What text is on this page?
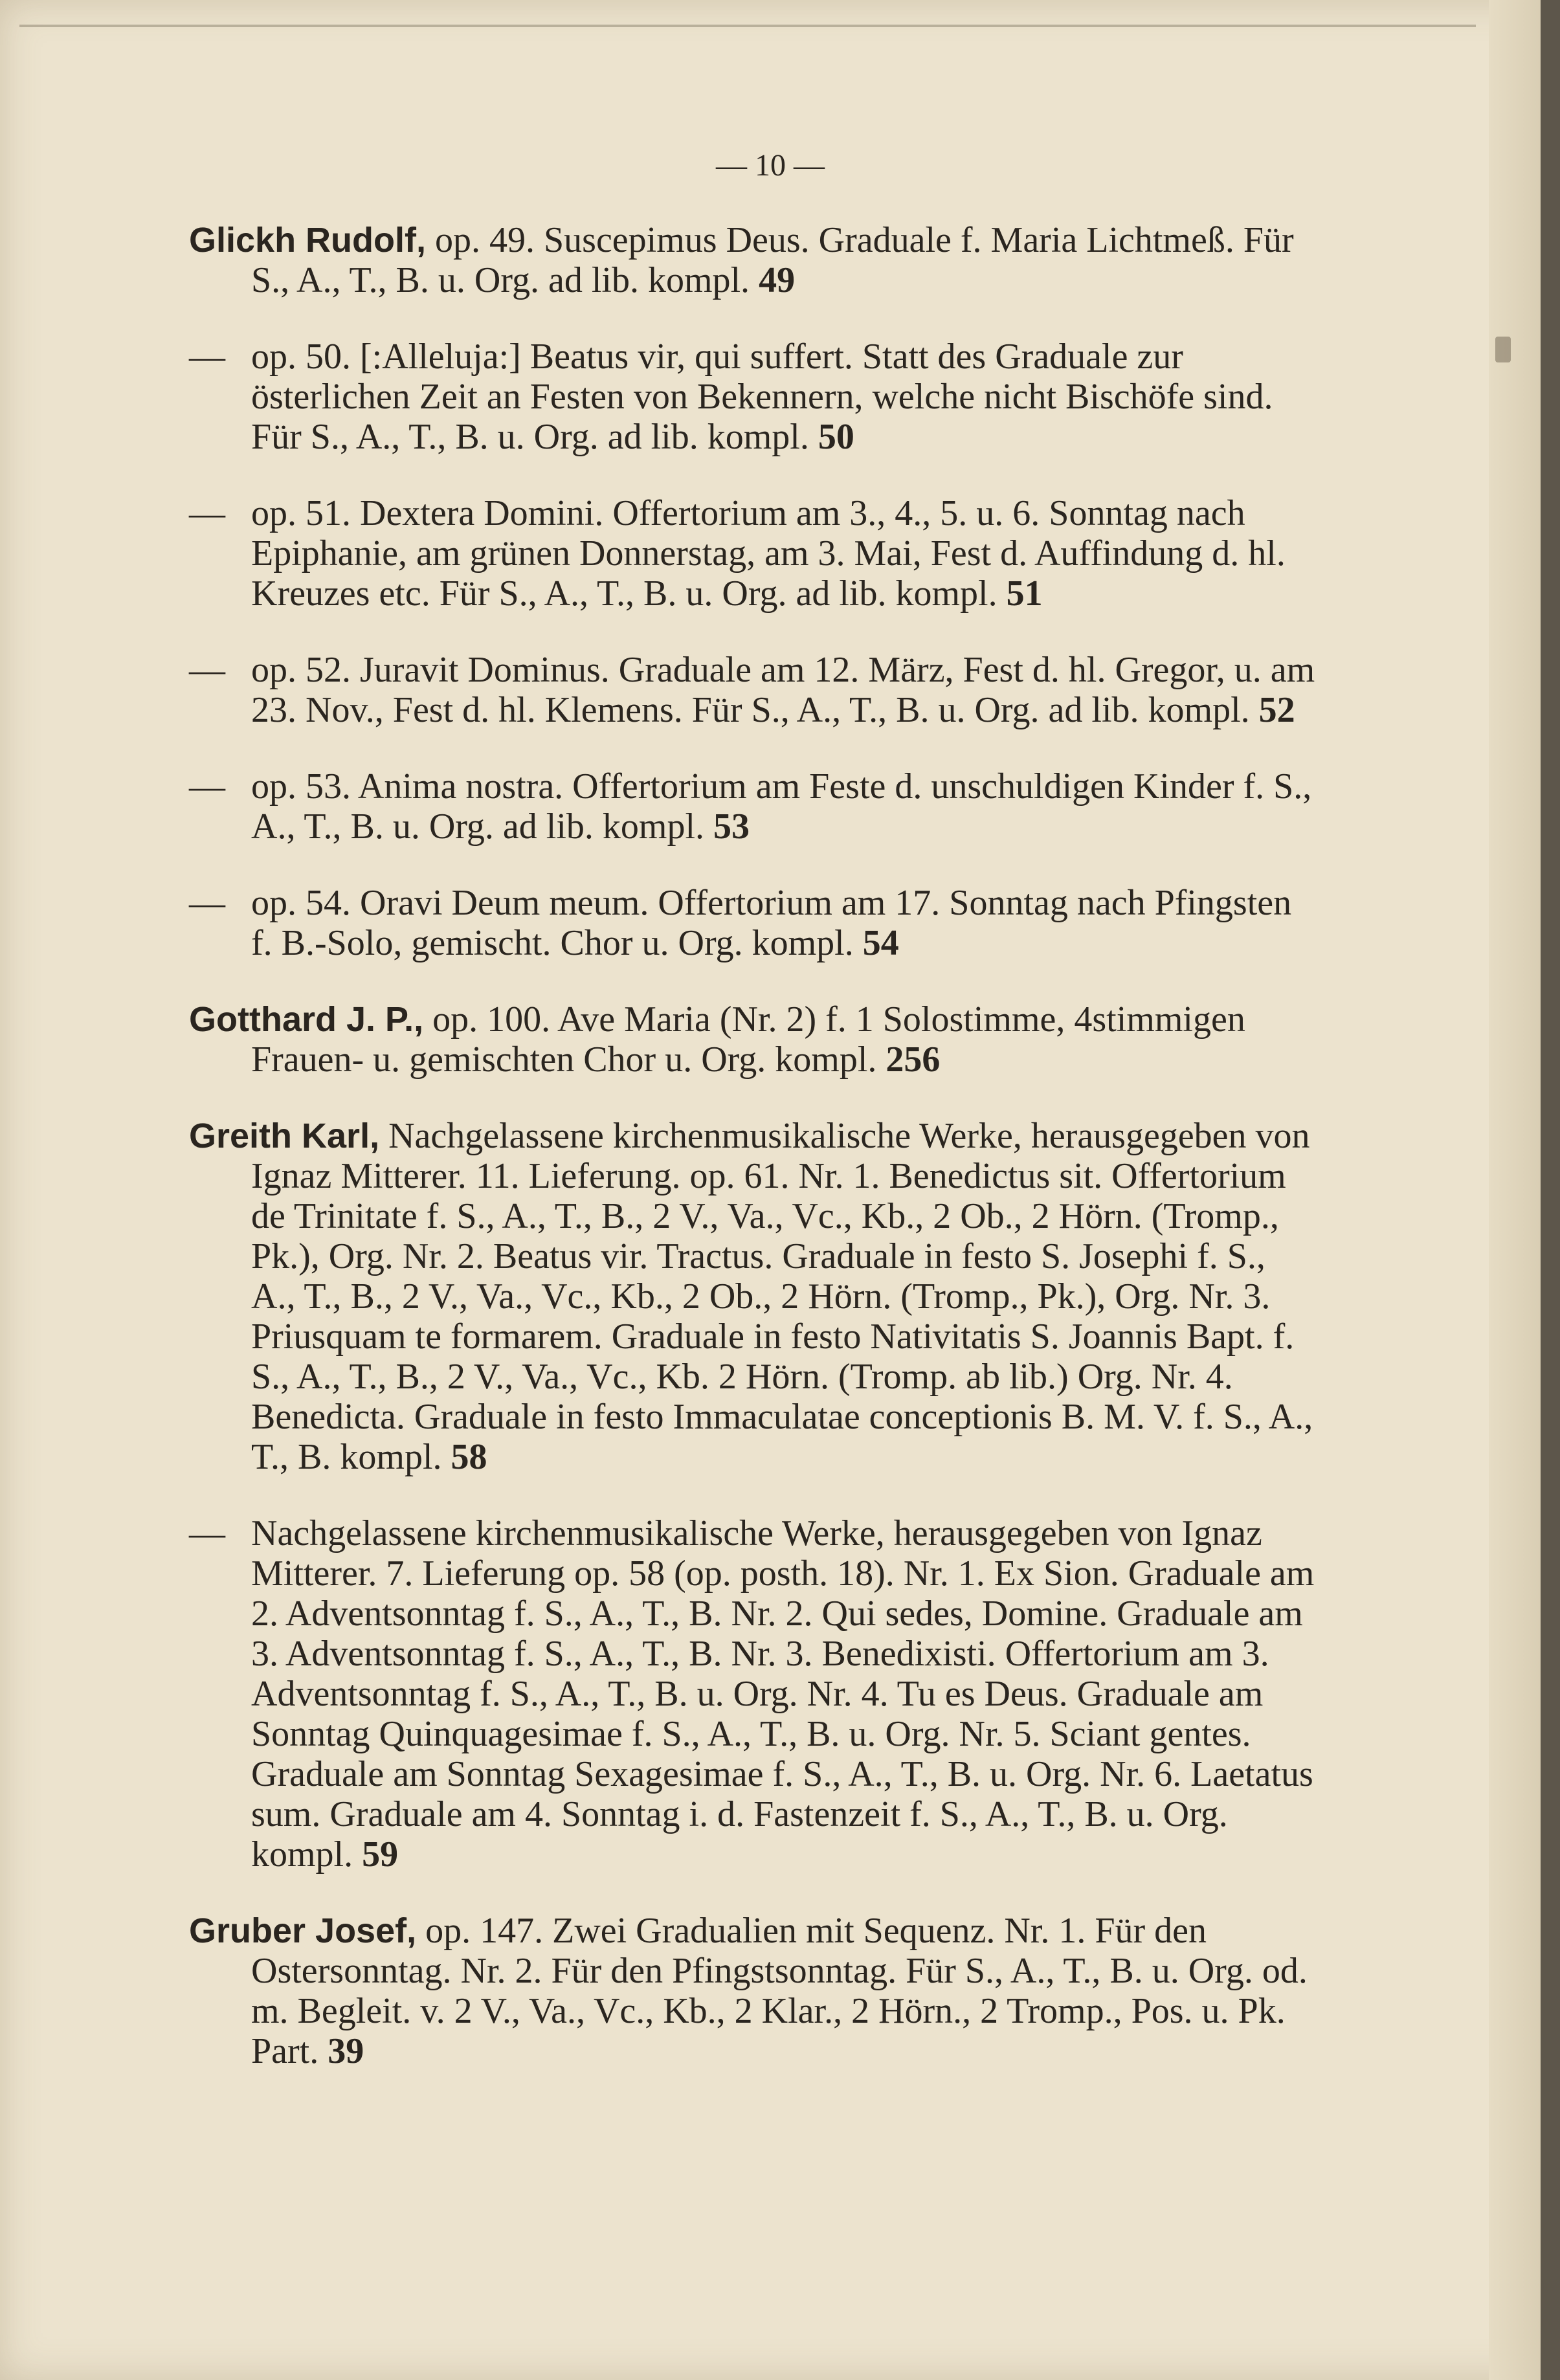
— 10 —

Glickh Rudolf, op. 49. Suscepimus Deus. Graduale f. Maria Lichtmeß. Für S., A., T., B. u. Org. ad lib. kompl. 49

— op. 50. [:Alleluja:] Beatus vir, qui suffert. Statt des Graduale zur österlichen Zeit an Festen von Bekennern, welche nicht Bischöfe sind. Für S., A., T., B. u. Org. ad lib. kompl. 50

— op. 51. Dextera Domini. Offertorium am 3., 4., 5. u. 6. Sonntag nach Epiphanie, am grünen Donnerstag, am 3. Mai, Fest d. Auffindung d. hl. Kreuzes etc. Für S., A., T., B. u. Org. ad lib. kompl. 51

— op. 52. Juravit Dominus. Graduale am 12. März, Fest d. hl. Gregor, u. am 23. Nov., Fest d. hl. Klemens. Für S., A., T., B. u. Org. ad lib. kompl. 52

— op. 53. Anima nostra. Offertorium am Feste d. unschuldigen Kinder f. S., A., T., B. u. Org. ad lib. kompl. 53

— op. 54. Oravi Deum meum. Offertorium am 17. Sonntag nach Pfingsten f. B.-Solo, gemischt. Chor u. Org. kompl. 54

Gotthard J. P., op. 100. Ave Maria (Nr. 2) f. 1 Solostimme, 4stimmigen Frauen- u. gemischten Chor u. Org. kompl. 256

Greith Karl, Nachgelassene kirchenmusikalische Werke, herausgegeben von Ignaz Mitterer. 11. Lieferung. op. 61. Nr. 1. Benedictus sit. Offertorium de Trinitate f. S., A., T., B., 2 V., Va., Vc., Kb., 2 Ob., 2 Hörn. (Tromp., Pk.), Org. Nr. 2. Beatus vir. Tractus. Graduale in festo S. Josephi f. S., A., T., B., 2 V., Va., Vc., Kb., 2 Ob., 2 Hörn. (Tromp., Pk.), Org. Nr. 3. Priusquam te formarem. Graduale in festo Nativitatis S. Joannis Bapt. f. S., A., T., B., 2 V., Va., Vc., Kb. 2 Hörn. (Tromp. ab lib.) Org. Nr. 4. Benedicta. Graduale in festo Immaculatae conceptionis B. M. V. f. S., A., T., B. kompl. 58

— Nachgelassene kirchenmusikalische Werke, herausgegeben von Ignaz Mitterer. 7. Lieferung op. 58 (op. posth. 18). Nr. 1. Ex Sion. Graduale am 2. Adventsonntag f. S., A., T., B. Nr. 2. Qui sedes, Domine. Graduale am 3. Adventsonntag f. S., A., T., B. Nr. 3. Benedixisti. Offertorium am 3. Adventsonntag f. S., A., T., B. u. Org. Nr. 4. Tu es Deus. Graduale am Sonntag Quinquagesimae f. S., A., T., B. u. Org. Nr. 5. Sciant gentes. Graduale am Sonntag Sexagesimae f. S., A., T., B. u. Org. Nr. 6. Laetatus sum. Graduale am 4. Sonntag i. d. Fastenzeit f. S., A., T., B. u. Org. kompl. 59

Gruber Josef, op. 147. Zwei Gradualien mit Sequenz. Nr. 1. Für den Ostersonntag. Nr. 2. Für den Pfingstsonntag. Für S., A., T., B. u. Org. od. m. Begleit. v. 2 V., Va., Vc., Kb., 2 Klar., 2 Hörn., 2 Tromp., Pos. u. Pk. Part. 39
